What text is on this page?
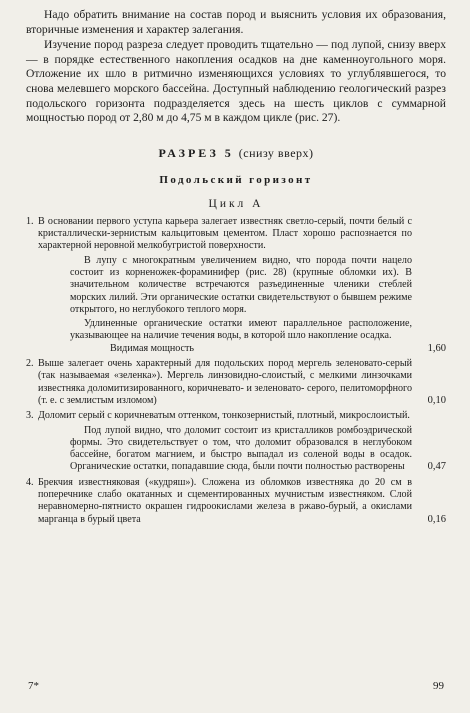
Надо обратить внимание на состав пород и выяснить условия их образования, вторичные изменения и характер залегания.

Изучение пород разреза следует проводить тщательно — под лупой, снизу вверх — в порядке естественного накопления осадков на дне каменноугольного моря. Отложение их шло в ритмично изменяющихся условиях то углублявшегося, то снова мелевшего морского бассейна. Доступный наблюдению геологический разрез подольского горизонта подразделяется здесь на шесть циклов с суммарной мощностью пород от 2,80 м до 4,75 м в каждом цикле (рис. 27).

РАЗРЕЗ 5 (снизу вверх)
Подольский горизонт
Цикл А
1. В основании первого уступа карьера залегает известняк светло-серый, почти белый с кристаллически-зернистым кальцитовым цементом. Пласт хорошо распознается по характерной неровной мелкобугристой поверхности.

В лупу с многократным увеличением видно, что порода почти нацело состоит из корненожек-фораминифер (рис. 28) (крупные обломки их). В значительном количестве встречаются разъединенные членики стеблей морских лилий. Эти органические остатки свидетельствуют о бывшем режиме открытого, но неглубокого теплого моря.

Удлиненные органические остатки имеют параллельное расположение, указывающее на наличие течения воды, в которой шло накопление осадка.

Видимая мощность	1,60
2. Выше залегает очень характерный для подольских пород мергель зеленовато-серый (так называемая «зеленка»). Мергель линзовидно-слоистый, с мелкими линзочками известняка доломитизированного, коричневато- и зеленовато- серого, пелитоморфного (т. е. с землистым изломом)	0,10
3. Доломит серый с коричневатым оттенком, тонкозернистый, плотный, микрослоистый.

Под лупой видно, что доломит состоит из кристалликов ромбоэдрической формы. Это свидетельствует о том, что доломит образовался в неглубоком бассейне, богатом магнием, и быстро выпадал из соленой воды в осадок. Органические остатки, попадавшие сюда, были почти полностью растворены	0,47
4. Брекчия известняковая («кудряш»). Сложена из обломков известняка до 20 см в поперечнике слабо окатанных и сцементированных мучнистым известняком. Слой неравномерно-пятнисто окрашен гидроокислами железа в ржаво-бурый, а окислами марганца в бурый цвета	0,16
7*	99
